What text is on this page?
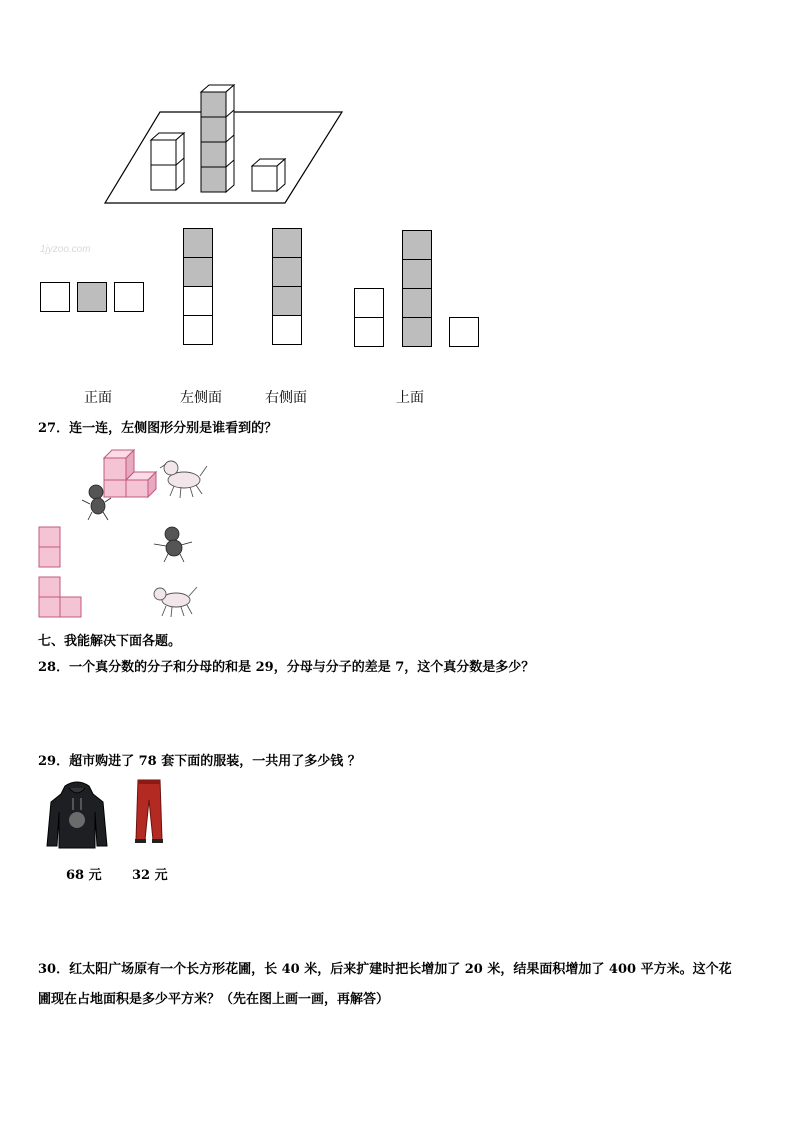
1jyzoo.com
正面	左侧面	右侧面	上面
27．连一连，左侧图形分别是谁看到的？
七、我能解决下面各题。
28．一个真分数的分子和分母的和是 29，分母与分子的差是 7，这个真分数是多少？
29．超市购进了 78 套下面的服装，一共用了多少钱 ？
68 元 32 元
30．红太阳广场原有一个长方形花圃，长 40 米，后来扩建时把长增加了 20 米，结果面积增加了 400 平方米。这个花
圃现在占地面积是多少平方米？（先在图上画一画，再解答）
